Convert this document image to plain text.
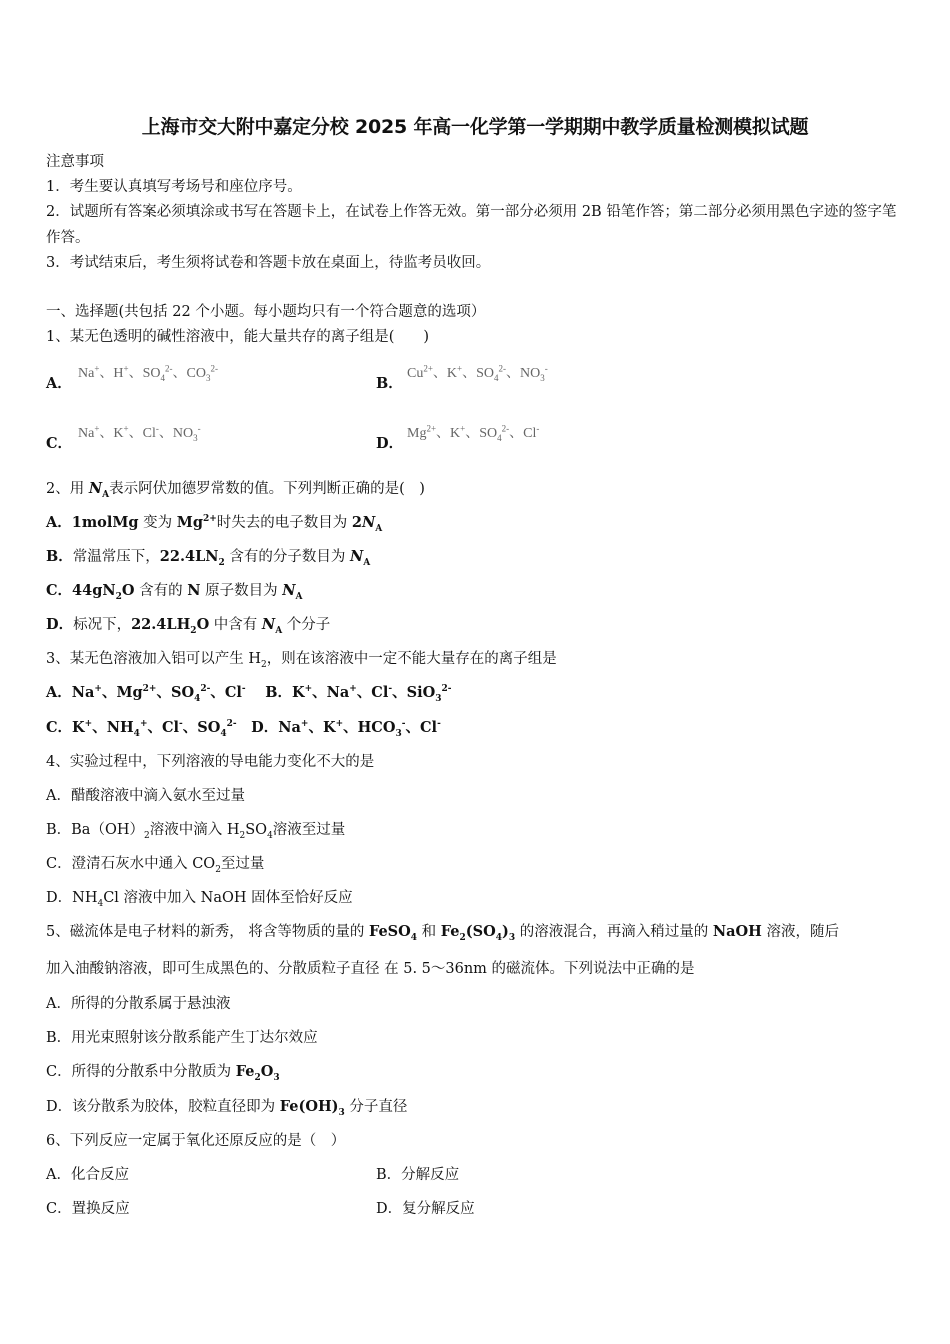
上海市交大附中嘉定分校 2025 年高一化学第一学期期中教学质量检测模拟试题
注意事项
1．考生要认真填写考场号和座位序号。
2．试题所有答案必须填涂或书写在答题卡上，在试卷上作答无效。第一部分必须用 2B 铅笔作答；第二部分必须用黑色字迹的签字笔作答。
3．考试结束后，考生须将试卷和答题卡放在桌面上，待监考员收回。
一、选择题(共包括 22 个小题。每小题均只有一个符合题意的选项）
1、某无色透明的碱性溶液中，能大量共存的离子组是(　　)
A．
Na+、H+、$SO_4^{2-}$、$CO_3^{2-}$
B．
$Cu^{2+}$、K+、$SO_4^{2-}$、$NO_3^-$
C．
Na+、K+、Cl-、$NO_3^-$
D．
$Mg^{2+}$、K+、$SO_4^{2-}$、Cl-
2、用 $N_A$表示阿伏加德罗常数的值。下列判断正确的是(　)
A．1molMg 变为 $Mg^{2+}$时失去的电子数目为 $2N_A$
B．常温常压下，$22.4LN_2$ 含有的分子数目为 $N_A$
C．$44gN_2O$ 含有的 N 原子数目为 $N_A$
D．标况下，$22.4LH_2O$ 中含有 $N_A$ 个分子
3、某无色溶液加入铝可以产生 $H_2$，则在该溶液中一定不能大量存在的离子组是
A．Na+、$Mg^{2+}$、$SO_4^{2-}$、Cl-　 B．K+、Na+、Cl-、SiO$_3^{2-}$
C．K+、$NH_4^+$、Cl-、$SO_4^{2-}$　D．Na+、K+、$HCO_3^-$、Cl-
4、实验过程中，下列溶液的导电能力变化不大的是
A．醋酸溶液中滴入氨水至过量
B．$Ba(OH)_2$溶液中滴入 $H_2SO_4$溶液至过量
C．澄清石灰水中通入 $CO_2$至过量
D．$NH_4Cl$ 溶液中加入 NaOH 固体至恰好反应
5、磁流体是电子材料的新秀， 将含等物质的量的 FeSO$_4$ 和 $Fe_2(SO_4)_3$ 的溶液混合，再滴入稍过量的 NaOH 溶液，随后
加入油酸钠溶液，即可生成黑色的、分散质粒子直径 在 5. 5～36nm 的磁流体。下列说法中正确的是
A．所得的分散系属于悬浊液
B．用光束照射该分散系能产生丁达尔效应
C．所得的分散系中分散质为 $Fe_2O_3$
D．该分散系为胶体，胶粒直径即为 $Fe(OH)_3$ 分子直径
6、下列反应一定属于氧化还原反应的是（　）
A．化合反应	B．分解反应
C．置换反应	D．复分解反应
